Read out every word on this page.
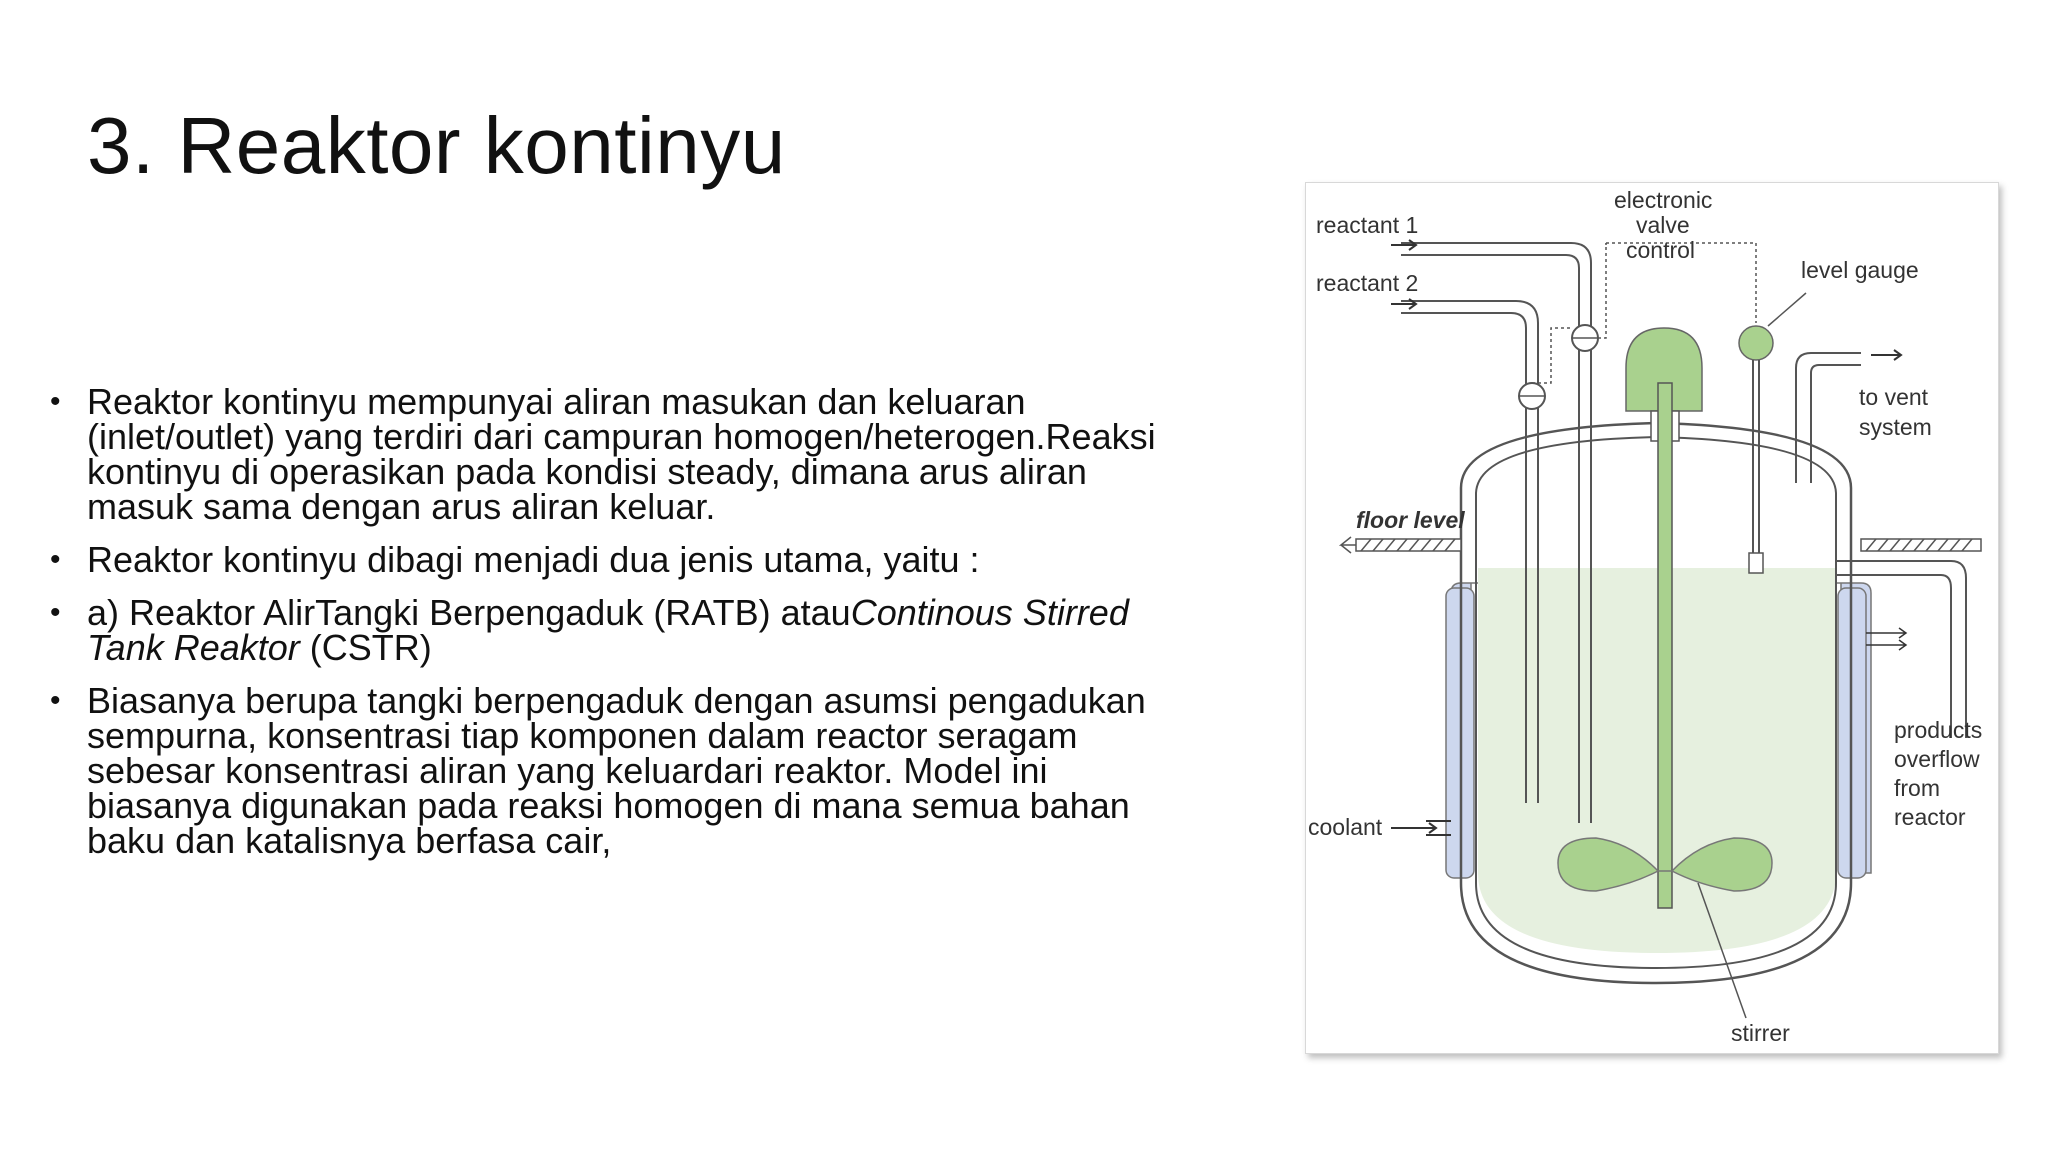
3. Reaktor kontinyu
• Reaktor kontinyu mempunyai aliran masukan dan keluaran (inlet/outlet) yang terdiri dari campuran homogen/heterogen.Reaksi kontinyu di operasikan pada kondisi steady, dimana arus aliran masuk sama dengan arus aliran keluar.
• Reaktor kontinyu dibagi menjadi dua jenis utama, yaitu :
• a) Reaktor AlirTangki Berpengaduk (RATB) atauContinous Stirred Tank Reaktor (CSTR)
• Biasanya berupa tangki berpengaduk dengan asumsi pengadukan sempurna, konsentrasi tiap komponen dalam reactor seragam sebesar konsentrasi aliran yang keluardari reaktor. Model ini biasanya digunakan pada reaksi homogen di mana semua bahan baku dan katalisnya berfasa cair,
reactant 1
reactant 2
electronic
valve
control
level gauge
to vent
system
floor level
coolant
products
overflow
from
reactor
stirrer
